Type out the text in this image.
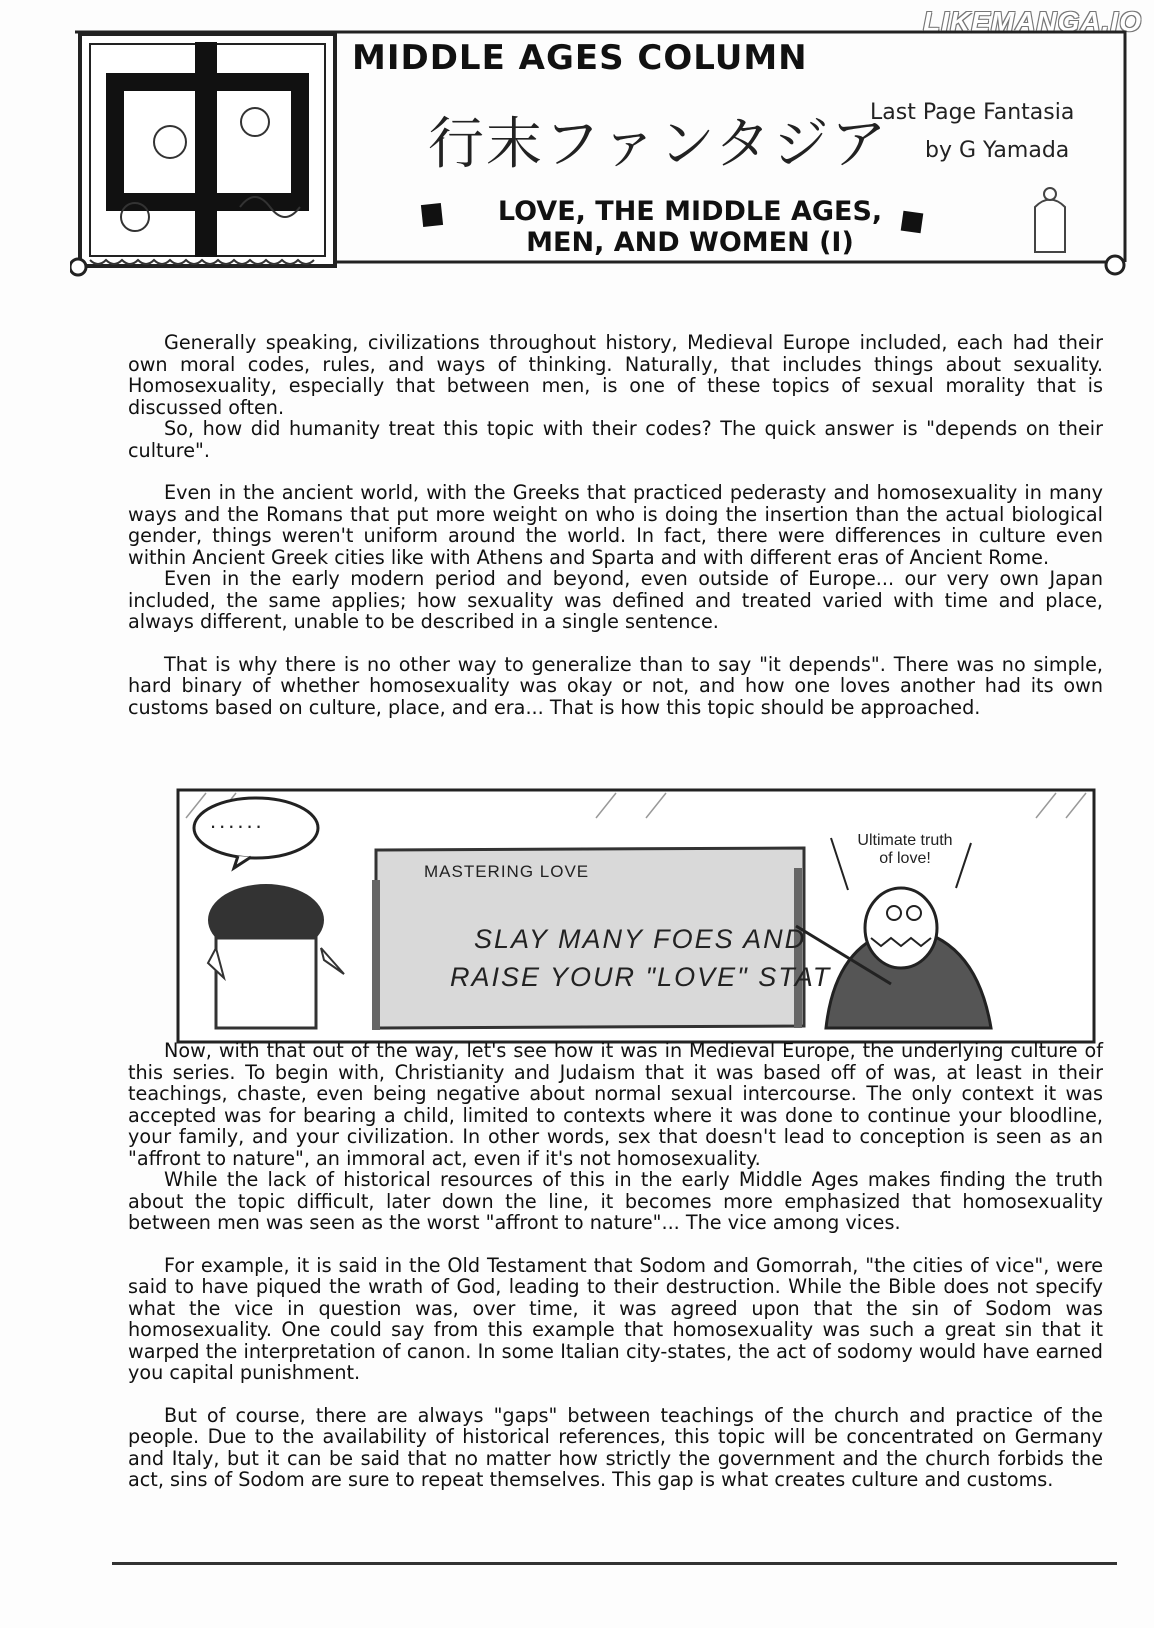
LIKEMANGA.IO
MIDDLE AGES COLUMN
行末ファンタジア
Last Page Fantasia
by G Yamada
LOVE, THE MIDDLE AGES,
MEN, AND WOMEN (I)

Generally speaking, civilizations throughout history, Medieval Europe included, each had their own moral codes, rules, and ways of thinking. Naturally, that includes things about sexuality. Homosexuality, especially that between men, is one of these topics of sexual morality that is discussed often.

So, how did humanity treat this topic with their codes? The quick answer is "depends on their culture".

Even in the ancient world, with the Greeks that practiced pederasty and homosexuality in many ways and the Romans that put more weight on who is doing the insertion than the actual biological gender, things weren't uniform around the world. In fact, there were differences in culture even within Ancient Greek cities like with Athens and Sparta and with different eras of Ancient Rome.

Even in the early modern period and beyond, even outside of Europe... our very own Japan included, the same applies; how sexuality was defined and treated varied with time and place, always different, unable to be described in a single sentence.

That is why there is no other way to generalize than to say "it depends". There was no simple, hard binary of whether homosexuality was okay or not, and how one loves another had its own customs based on culture, place, and era... That is how this topic should be approached.

......
Ultimate truth
of love!
MASTERING LOVE
SLAY MANY FOES AND
RAISE YOUR "LOVE" STAT

Now, with that out of the way, let's see how it was in Medieval Europe, the underlying culture of this series. To begin with, Christianity and Judaism that it was based off of was, at least in their teachings, chaste, even being negative about normal sexual intercourse. The only context it was accepted was for bearing a child, limited to contexts where it was done to continue your bloodline, your family, and your civilization. In other words, sex that doesn't lead to conception is seen as an "affront to nature", an immoral act, even if it's not homosexuality.

While the lack of historical resources of this in the early Middle Ages makes finding the truth about the topic difficult, later down the line, it becomes more emphasized that homosexuality between men was seen as the worst "affront to nature"... The vice among vices.

For example, it is said in the Old Testament that Sodom and Gomorrah, "the cities of vice", were said to have piqued the wrath of God, leading to their destruction. While the Bible does not specify what the vice in question was, over time, it was agreed upon that the sin of Sodom was homosexuality. One could say from this example that homosexuality was such a great sin that it warped the interpretation of canon. In some Italian city-states, the act of sodomy would have earned you capital punishment.

But of course, there are always "gaps" between teachings of the church and practice of the people. Due to the availability of historical references, this topic will be concentrated on Germany and Italy, but it can be said that no matter how strictly the government and the church forbids the act, sins of Sodom are sure to repeat themselves. This gap is what creates culture and customs.
